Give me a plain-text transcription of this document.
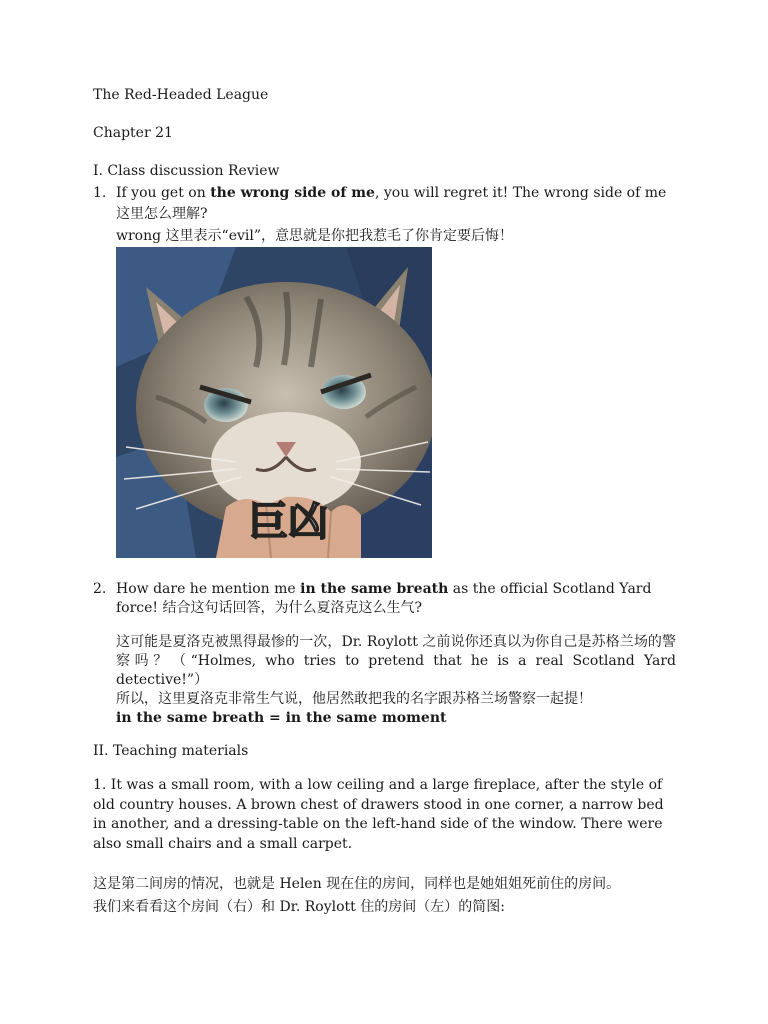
The Red-Headed League
Chapter 21
I. Class discussion Review
1. If you get on the wrong side of me, you will regret it! The wrong side of me
这里怎么理解?
wrong 这里表示“evil”，意思就是你把我惹毛了你肯定要后悔！
巨凶
2. How dare he mention me in the same breath as the official Scotland Yard
force! 结合这句话回答，为什么夏洛克这么生气?
这可能是夏洛克被黑得最惨的一次，Dr. Roylott 之前说你还真以为你自己是苏格兰场的警察吗？（“Holmes, who tries to pretend that he is a real Scotland Yard detective!”）
所以，这里夏洛克非常生气说，他居然敢把我的名字跟苏格兰场警察一起提！
in the same breath = in the same moment
II. Teaching materials
1. It was a small room, with a low ceiling and a large fireplace, after the style of old country houses. A brown chest of drawers stood in one corner, a narrow bed in another, and a dressing-table on the left-hand side of the window. There were also small chairs and a small carpet.
这是第二间房的情况，也就是 Helen 现在住的房间，同样也是她姐姐死前住的房间。
我们来看看这个房间（右）和 Dr. Roylott 住的房间（左）的简图:
